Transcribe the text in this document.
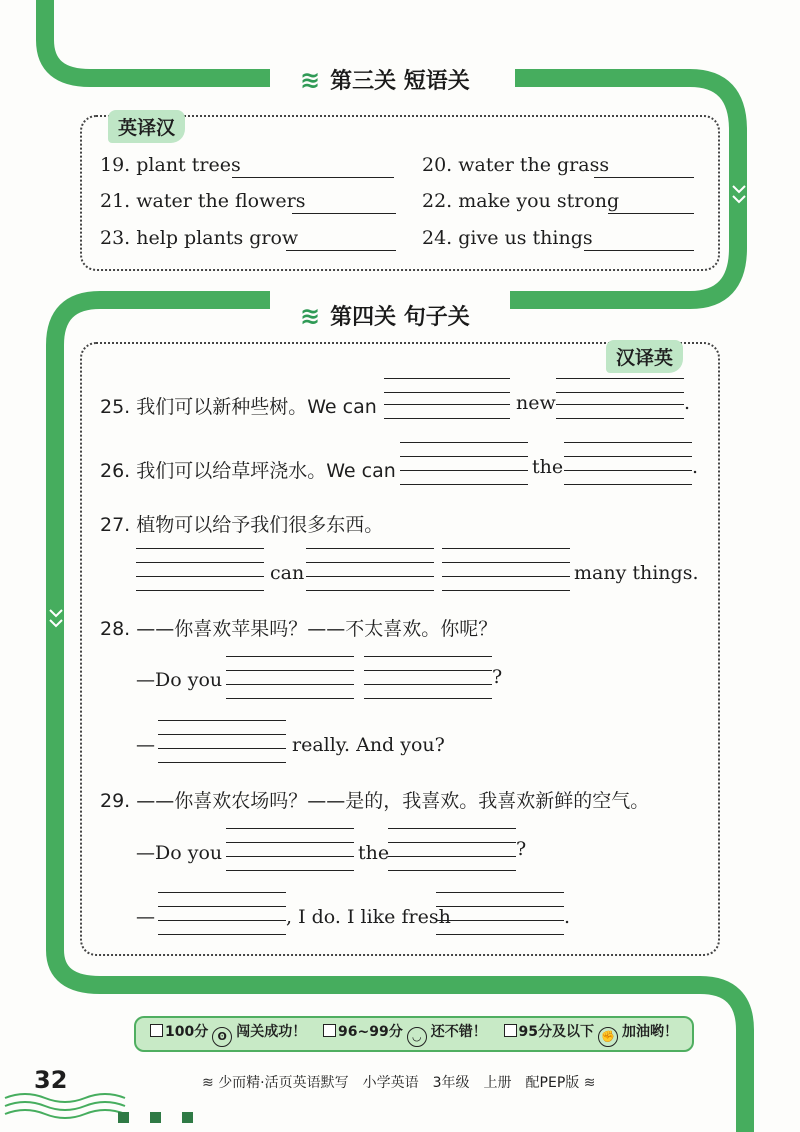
≋ 第三关 短语关
英译汉
19. plant trees	20. water the grass
21. water the flowers	22. make you strong
23. help plants grow	24. give us things
≋ 第四关 句子关
汉译英
25. 我们可以新种些树。We can	new	.
26. 我们可以给草坪浇水。We can	the	.
27. 植物可以给予我们很多东西。
can	many things.
28. ——你喜欢苹果吗？——不太喜欢。你呢？
—Do you	?
—	really. And you?
29. ——你喜欢农场吗？——是的，我喜欢。我喜欢新鲜的空气。
—Do you	the	?
—	, I do. I like fresh	.
100分 ʘ 闯关成功！	96~99分 ◡ 还不错！	95分及以下 ✊ 加油哟！
32	≋ 少而精·活页英语默写　小学英语　3年级　上册　配PEP版 ≋
